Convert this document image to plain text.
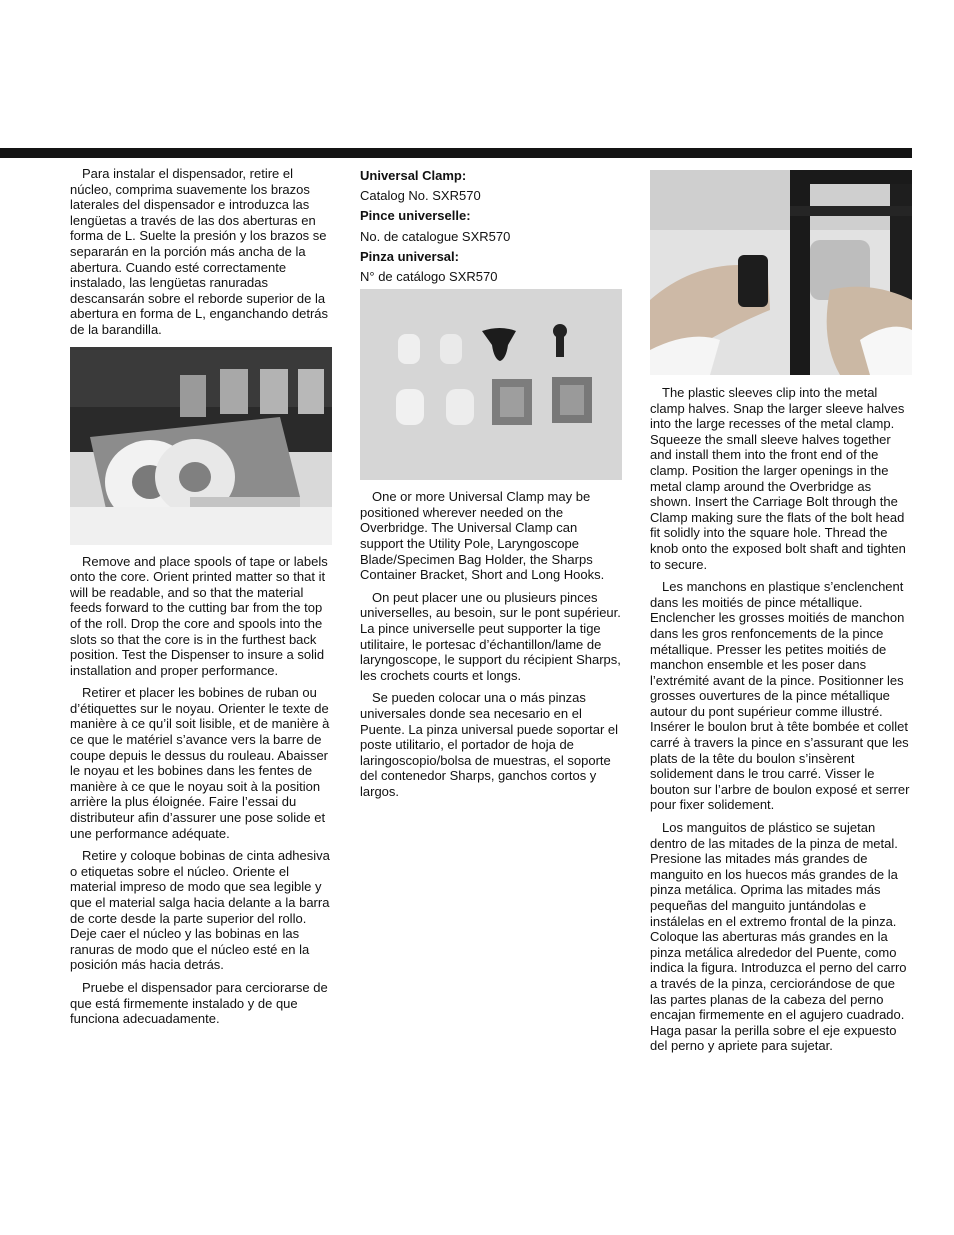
Para instalar el dispensador, retire el núcleo, comprima suavemente los brazos laterales del dispensador e introduzca las lengüetas a través de las dos aberturas en forma de L. Suelte la presión y los brazos se separarán en la porción más ancha de la abertura. Cuando esté correctamente instalado, las lengüetas ranuradas descansarán sobre el reborde superior de la abertura en forma de L, enganchando detrás de la barandilla.

Remove and place spools of tape or labels onto the core. Orient printed matter so that it will be readable, and so that the material feeds forward to the cutting bar from the top of the roll. Drop the core and spools into the slots so that the core is in the furthest back position. Test the Dispenser to insure a solid installation and proper performance.

Retirer et placer les bobines de ruban ou d’étiquettes sur le noyau. Orienter le texte de manière à ce qu’il soit lisible, et de manière à ce que le matériel s’avance vers la barre de coupe depuis le dessus du rouleau. Abaisser le noyau et les bobines dans les fentes de manière à ce que le noyau soit à la position arrière la plus éloignée. Faire l’essai du distributeur afin d’assurer une pose solide et une performance adéquate.

Retire y coloque bobinas de cinta adhesiva o etiquetas sobre el núcleo. Oriente el material impreso de modo que sea legible y que el material salga hacia delante a la barra de corte desde la parte superior del rollo. Deje caer el núcleo y las bobinas en las ranuras de modo que el núcleo esté en la posición más hacia detrás.

Pruebe el dispensador para cerciorarse de que está firmemente instalado y de que funciona adecuadamente.

Universal Clamp:
Catalog No. SXR570
Pince universelle:
No. de catalogue SXR570
Pinza universal:
N° de catálogo SXR570

One or more Universal Clamp may be positioned wherever needed on the Overbridge. The Universal Clamp can support the Utility Pole, Laryngoscope Blade/Specimen Bag Holder, the Sharps Container Bracket, Short and Long Hooks.

On peut placer une ou plusieurs pinces universelles, au besoin, sur le pont supérieur. La pince universelle peut supporter la tige utilitaire, le portesac d’échantillon/lame de laryngoscope, le support du récipient Sharps, les crochets courts et longs.

Se pueden colocar una o más pinzas universales donde sea necesario en el Puente. La pinza universal puede soportar el poste utilitario, el portador de hoja de laringoscopio/bolsa de muestras, el soporte del contenedor Sharps, ganchos cortos y largos.

The plastic sleeves clip into the metal clamp halves. Snap the larger sleeve halves into the large recesses of the metal clamp. Squeeze the small sleeve halves together and install them into the front end of the clamp. Position the larger openings in the metal clamp around the Overbridge as shown. Insert the Carriage Bolt through the Clamp making sure the flats of the bolt head fit solidly into the square hole. Thread the knob onto the exposed bolt shaft and tighten to secure.

Les manchons en plastique s’enclenchent dans les moitiés de pince métallique. Enclencher les grosses moitiés de manchon dans les gros renfoncements de la pince métallique. Presser les petites moitiés de manchon ensemble et les poser dans l’extrémité avant de la pince. Positionner les grosses ouvertures de la pince métallique autour du pont supérieur comme illustré. Insérer le boulon brut à tête bombée et collet carré à travers la pince en s’assurant que les plats de la tête du boulon s’insèrent solidement dans le trou carré. Visser le bouton sur l’arbre de boulon exposé et serrer pour fixer solidement.

Los manguitos de plástico se sujetan dentro de las mitades de la pinza de metal. Presione las mitades más grandes de manguito en los huecos más grandes de la pinza metálica. Oprima las mitades más pequeñas del manguito juntándolas e instálelas en el extremo frontal de la pinza. Coloque las aberturas más grandes en la pinza metálica alrededor del Puente, como indica la figura. Introduzca el perno del carro a través de la pinza, cerciorándose de que las partes planas de la cabeza del perno encajan firmemente en el agujero cuadrado. Haga pasar la perilla sobre el eje expuesto del perno y apriete para sujetar.
